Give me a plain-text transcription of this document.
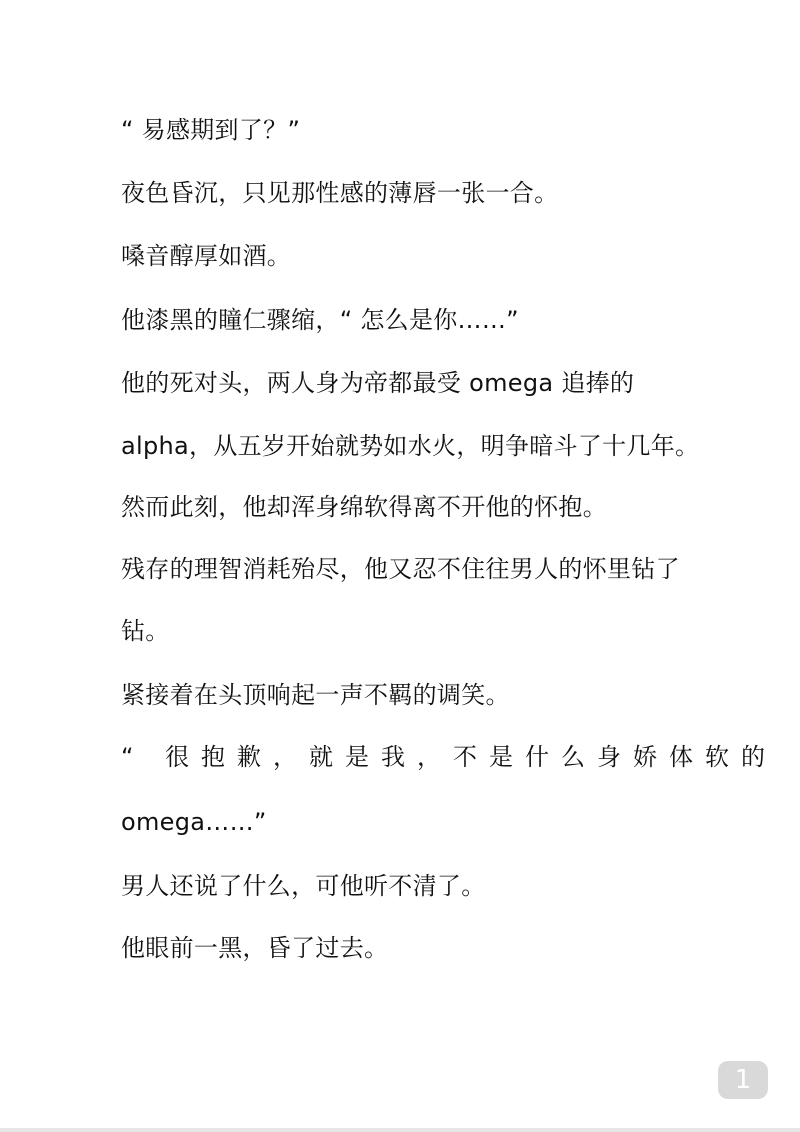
“ 易感期到了？”
夜色昏沉，只见那性感的薄唇一张一合。
嗓音醇厚如酒。
他漆黑的瞳仁骤缩，“ 怎么是你……”
他的死对头，两人身为帝都最受 omega 追捧的
alpha，从五岁开始就势如水火，明争暗斗了十几年。
然而此刻，他却浑身绵软得离不开他的怀抱。
残存的理智消耗殆尽，他又忍不住往男人的怀里钻了
钻。
紧接着在头顶响起一声不羁的调笑。
“ 很抱歉，就是我，不是什么身娇体软的
omega……”
男人还说了什么，可他听不清了。
他眼前一黑，昏了过去。
1
